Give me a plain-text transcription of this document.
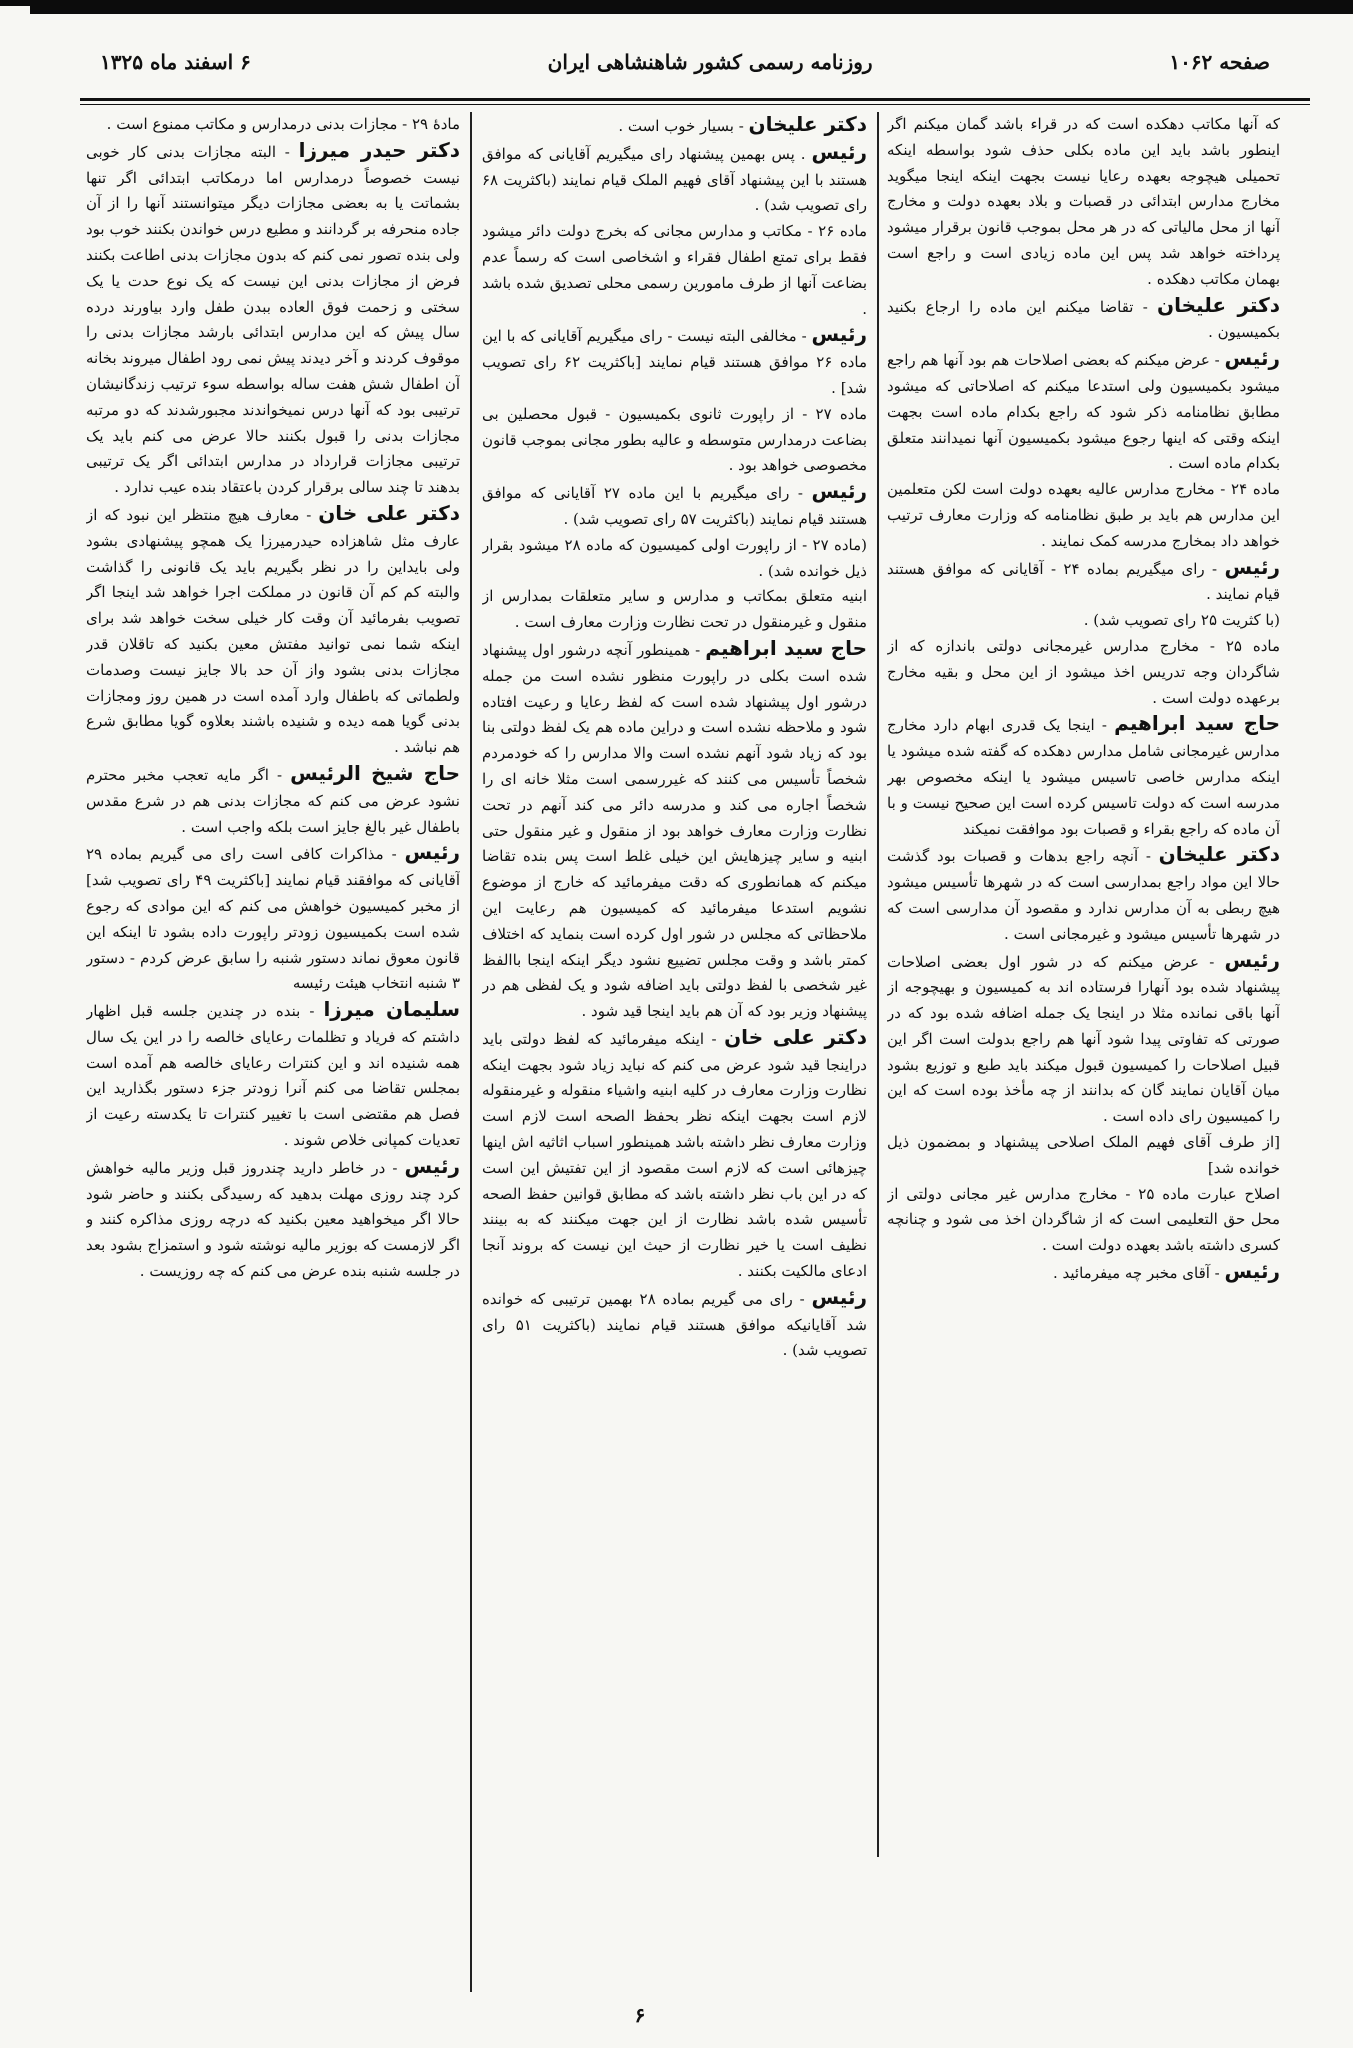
صفحه ۱۰۶۲
روزنامه رسمی کشور شاهنشاهی ایران
۶ اسفند ماه ۱۳۲۵

که آنها مکاتب دهکده است که در قراء باشد گمان میکنم اگر اینطور باشد باید این ماده بکلی حذف شود بواسطه اینکه تحمیلی هیچوجه بعهده رعایا نیست بجهت اینکه اینجا میگوید مخارج مدارس ابتدائی در قصبات و بلاد بعهده دولت و مخارج آنها از محل مالیاتی که در هر محل بموجب قانون برقرار میشود پرداخته خواهد شد پس این ماده زیادی است و راجع است بهمان مکاتب دهکده .

دکتر علیخان - تقاضا میکنم این ماده را ارجاع بکنید بکمیسیون .

رئیس - عرض میکنم که بعضی اصلاحات هم بود آنها هم راجع میشود بکمیسیون ولی استدعا میکنم که اصلاحاتی که میشود مطابق نظامنامه ذکر شود که راجع بکدام ماده است بجهت اینکه وقتی که اینها رجوع میشود بکمیسیون آنها نمیدانند متعلق بکدام ماده است .

ماده ۲۴ - مخارج مدارس عالیه بعهده دولت است لکن متعلمین این مدارس هم باید بر طبق نظامنامه که وزارت معارف ترتیب خواهد داد بمخارج مدرسه کمک نمایند .

رئیس - رای میگیریم بماده ۲۴ - آقایانی که موافق هستند قیام نمایند .

(با کثریت ۲۵ رای تصویب شد) .

ماده ۲۵ - مخارج مدارس غیرمجانی دولتی باندازه که از شاگردان وجه تدریس اخذ میشود از این محل و بقیه مخارج برعهده دولت است .

حاج سید ابراهیم - اینجا یک قدری ابهام دارد مخارج مدارس غیرمجانی شامل مدارس دهکده که گفته شده میشود یا اینکه مدارس خاصی تاسیس میشود یا اینکه مخصوص بهر مدرسه است که دولت تاسیس کرده است این صحیح نیست و با آن ماده که راجع بقراء و قصبات بود موافقت نمیکند

دکتر علیخان - آنچه راجع بدهات و قصبات بود گذشت حالا این مواد راجع بمدارسی است که در شهرها تأسیس میشود هیچ ربطی به آن مدارس ندارد و مقصود آن مدارسی است که در شهرها تأسیس میشود و غیرمجانی است .

رئیس - عرض میکنم که در شور اول بعضی اصلاحات پیشنهاد شده بود آنهارا فرستاده اند به کمیسیون و بهیچوجه از آنها باقی نمانده مثلا در اینجا یک جمله اضافه شده بود که در صورتی که تفاوتی پیدا شود آنها هم راجع بدولت است اگر این قبیل اصلاحات را کمیسیون قبول میکند باید طبع و توزیع بشود میان آقایان نمایند گان که بدانند از چه مأخذ بوده است که این را کمیسیون رای داده است .

[از طرف آقای فهیم الملک اصلاحی پیشنهاد و بمضمون ذیل خوانده شد]

اصلاح عبارت ماده ۲۵ - مخارج مدارس غیر مجانی دولتی از محل حق التعلیمی است که از شاگردان اخذ می شود و چنانچه کسری داشته باشد بعهده دولت است .

رئیس - آقای مخبر چه میفرمائید .

دکتر علیخان - بسیار خوب است .

رئیس . پس بهمین پیشنهاد رای میگیریم آقایانی که موافق هستند با این پیشنهاد آقای فهیم الملک قیام نمایند (باکثریت ۶۸ رای تصویب شد) .

ماده ۲۶ - مکاتب و مدارس مجانی که بخرج دولت دائر میشود فقط برای تمتع اطفال فقراء و اشخاصی است که رسماً عدم بضاعت آنها از طرف مامورین رسمی محلی تصدیق شده باشد .

رئیس - مخالفی البته نیست - رای میگیریم آقایانی که با این ماده ۲۶ موافق هستند قیام نمایند [باکثریت ۶۲ رای تصویب شد] .

ماده ۲۷ - از راپورت ثانوی بکمیسیون - قبول محصلین بی بضاعت درمدارس متوسطه و عالیه بطور مجانی بموجب قانون مخصوصی خواهد بود .

رئیس - رای میگیریم با این ماده ۲۷ آقایانی که موافق هستند قیام نمایند (باکثریت ۵۷ رای تصویب شد) .

(ماده ۲۷ - از راپورت اولی کمیسیون که ماده ۲۸ میشود بقرار ذیل خوانده شد) .

ابنیه متعلق بمکاتب و مدارس و سایر متعلقات بمدارس از منقول و غیرمنقول در تحت نظارت وزارت معارف است .

حاج سید ابراهیم - همینطور آنچه درشور اول پیشنهاد شده است بکلی در راپورت منظور نشده است من جمله درشور اول پیشنهاد شده است که لفظ رعایا و رعیت افتاده شود و ملاحظه نشده است و دراین ماده هم یک لفظ دولتی بنا بود که زیاد شود آنهم نشده است والا مدارس را که خودمردم شخصاً تأسیس می کنند که غیررسمی است مثلا خانه ای را شخصاً اجاره می کند و مدرسه دائر می کند آنهم در تحت نظارت وزارت معارف خواهد بود از منقول و غیر منقول حتی ابنیه و سایر چیزهایش این خیلی غلط است پس بنده تقاضا میکنم که همانطوری که دقت میفرمائید که خارج از موضوع نشویم استدعا میفرمائید که کمیسیون هم رعایت این ملاحظاتی که مجلس در شور اول کرده است بنماید که اختلاف کمتر باشد و وقت مجلس تضییع نشود دیگر اینکه اینجا باالفظ غیر شخصی با لفظ دولتی باید اضافه شود و یک لفظی هم در پیشنهاد وزیر بود که آن هم باید اینجا قید شود .

دکتر علی خان - اینکه میفرمائید که لفظ دولتی باید دراینجا قید شود عرض می کنم که نباید زیاد شود بجهت اینکه نظارت وزارت معارف در کلیه ابنیه واشیاء منقوله و غیرمنقوله لازم است بجهت اینکه نظر بحفظ الصحه است لازم است وزارت معارف نظر داشته باشد همینطور اسباب اثاثیه اش اینها چیزهائی است که لازم است مقصود از این تفتیش این است که در این باب نظر داشته باشد که مطابق قوانین حفظ الصحه تأسیس شده باشد نظارت از این جهت میکنند که به بینند نظیف است یا خیر نظارت از حیث این نیست که بروند آنجا ادعای مالکیت بکنند .

رئیس - رای می گیریم بماده ۲۸ بهمین ترتیبی که خوانده شد آقایانیکه موافق هستند قیام نمایند (باکثریت ۵۱ رای تصویب شد) .

مادهٔ ۲۹ - مجازات بدنی درمدارس و مکاتب ممنوع است .

دکتر حیدر میرزا - البته مجازات بدنی کار خوبی نیست خصوصاً درمدارس اما درمکاتب ابتدائی اگر تنها بشماتت یا به بعضی مجازات دیگر میتوانستند آنها را از آن جاده منحرفه بر گردانند و مطیع درس خواندن بکنند خوب بود ولی بنده تصور نمی کنم که بدون مجازات بدنی اطاعت بکنند فرض از مجازات بدنی این نیست که یک نوع حدت یا یک سختی و زحمت فوق العاده ببدن طفل وارد بیاورند درده سال پیش که این مدارس ابتدائی بارشد مجازات بدنی را موقوف کردند و آخر دیدند پیش نمی رود اطفال میروند بخانه آن اطفال شش هفت ساله بواسطه سوء ترتیب زندگانیشان ترتیبی بود که آنها درس نمیخواندند مجبورشدند که دو مرتبه مجازات بدنی را قبول بکنند حالا عرض می کنم باید یک ترتیبی مجازات قرارداد در مدارس ابتدائی اگر یک ترتیبی بدهند تا چند سالی برقرار کردن باعتقاد بنده عیب ندارد .

دکتر علی خان - معارف هیچ منتظر این نبود که از عارف مثل شاهزاده حیدرمیرزا یک همچو پیشنهادی بشود ولی بایداین را در نظر بگیریم باید یک قانونی را گذاشت والبته کم کم آن قانون در مملکت اجرا خواهد شد اینجا اگر تصویب بفرمائید آن وقت کار خیلی سخت خواهد شد برای اینکه شما نمی توانید مفتش معین بکنید که تاقلان قدر مجازات بدنی بشود واز آن حد بالا جایز نیست وصدمات ولطماتی که باطفال وارد آمده است در همین روز ومجازات بدنی گویا همه دیده و شنیده باشند بعلاوه گویا مطابق شرع هم نباشد .

حاج شیخ الرئیس - اگر مایه تعجب مخبر محترم نشود عرض می کنم که مجازات بدنی هم در شرع مقدس باطفال غیر بالغ جایز است بلکه واجب است .

رئیس - مذاکرات کافی است رای می گیریم بماده ۲۹ آقایانی که موافقند قیام نمایند [باکثریت ۴۹ رای تصویب شد] از مخبر کمیسیون خواهش می کنم که این موادی که رجوع شده است بکمیسیون زودتر راپورت داده بشود تا اینکه این قانون معوق نماند دستور شنبه را سابق عرض کردم - دستور ۳ شنبه انتخاب هیئت رئیسه

سلیمان میرزا - بنده در چندین جلسه قبل اظهار داشتم که فریاد و تظلمات رعایای خالصه را در این یک سال همه شنیده اند و این کنترات رعایای خالصه هم آمده است بمجلس تقاضا می کنم آنرا زودتر جزء دستور بگذارید این فصل هم مقتضی است با تغییر کنترات تا یکدسته رعیت از تعدیات کمپانی خلاص شوند .

رئیس - در خاطر دارید چندروز قبل وزیر مالیه خواهش کرد چند روزی مهلت بدهید که رسیدگی بکنند و حاضر شود حالا اگر میخواهید معین بکنید که درچه روزی مذاکره کنند و اگر لازمست که بوزیر مالیه نوشته شود و استمزاج بشود بعد در جلسه شنبه بنده عرض می کنم که چه روزیست .

۶
